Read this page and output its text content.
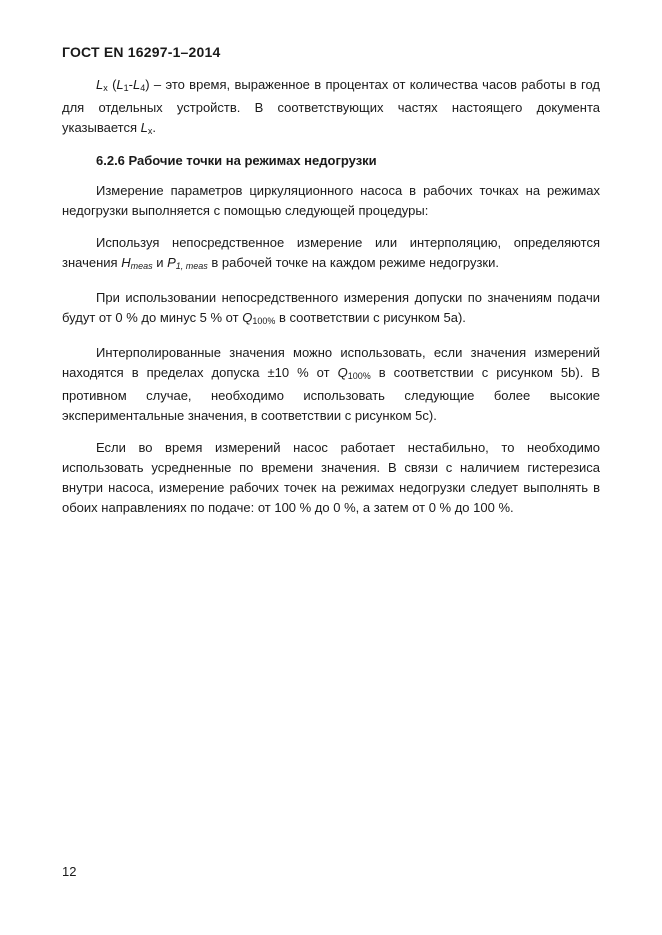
ГОСТ EN 16297-1–2014

$L_x$ $(L_1-L_4)$ – это время, выраженное в процентах от количества часов работы в год для отдельных устройств. В соответствующих частях настоящего документа указывается $L_x$.

6.2.6 Рабочие точки на режимах недогрузки

Измерение параметров циркуляционного насоса в рабочих точках на режимах недогрузки выполняется с помощью следующей процедуры:

Используя непосредственное измерение или интерполяцию, определяются значения $H_{meas}$ и $P_{1, meas}$ в рабочей точке на каждом режиме недогрузки.

При использовании непосредственного измерения допуски по значениям подачи будут от 0 % до минус 5 % от $Q_{100\%}$ в соответствии с рисунком 5а).

Интерполированные значения можно использовать, если значения измерений находятся в пределах допуска ±10 % от $Q_{100\%}$ в соответствии с рисунком 5b). В противном случае, необходимо использовать следующие более высокие экспериментальные значения, в соответствии с рисунком 5с).

Если во время измерений насос работает нестабильно, то необходимо использовать усредненные по времени значения. В связи с наличием гистерезиса внутри насоса, измерение рабочих точек на режимах недогрузки следует выполнять в обоих направлениях по подаче: от 100 % до 0 %, а затем от 0 % до 100 %.

12
